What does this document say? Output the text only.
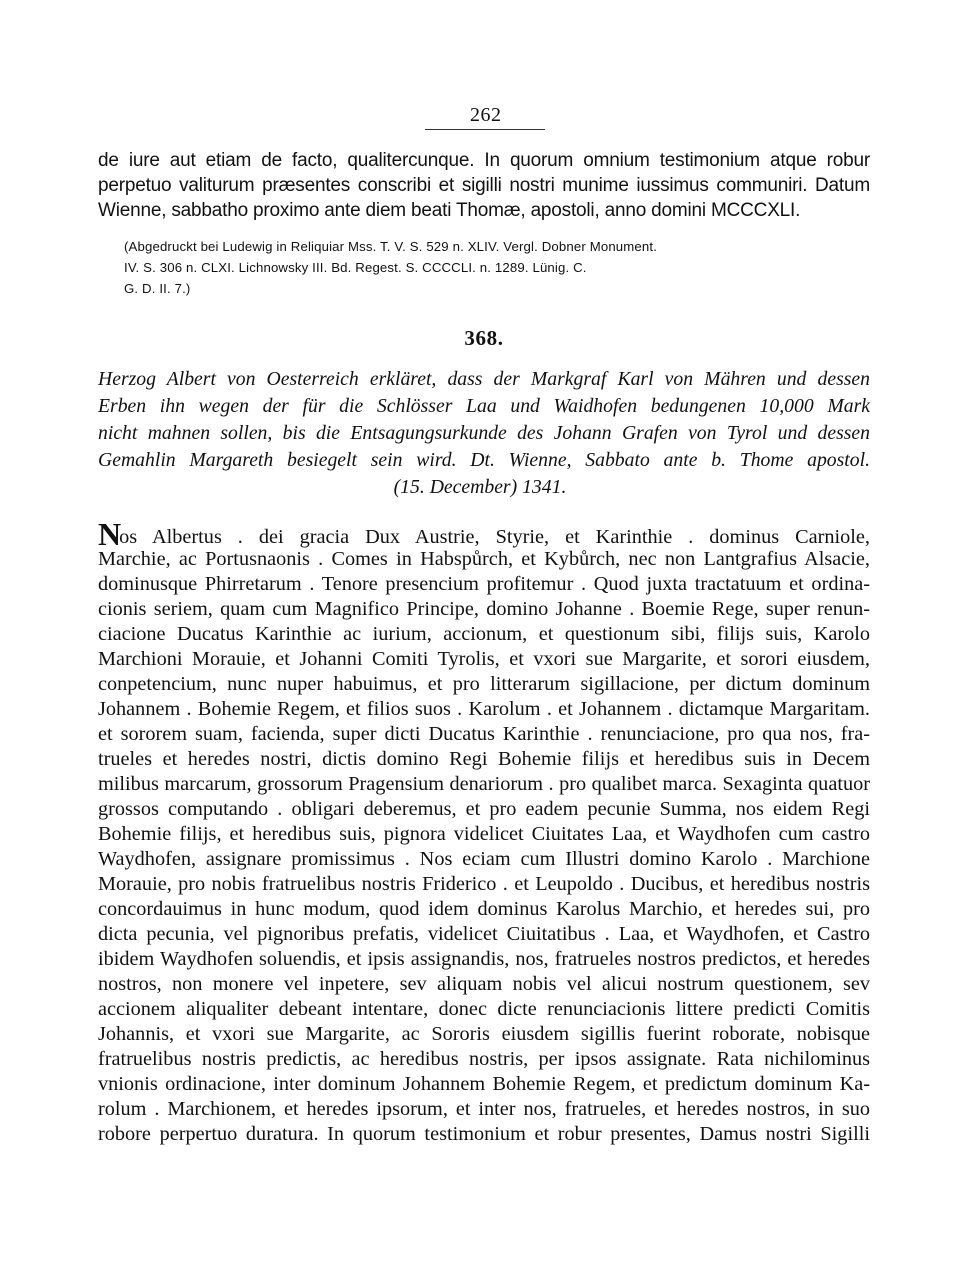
262
de iure aut etiam de facto, qualitercunque. In quorum omnium testimonium atque robur
perpetuo valiturum præsentes conscribi et sigilli nostri munime iussimus communiri. Datum
Wienne, sabbatho proximo ante diem beati Thomæ, apostoli, anno domini MCCCXLI.
(Abgedruckt bei Ludewig in Reliquiar Mss. T. V. S. 529 n. XLIV. Vergl. Dobner Monument.
IV. S. 306 n. CLXI. Lichnowsky III. Bd. Regest. S. CCCCLI. n. 1289. Lünig. C.
G. D. II. 7.)
368.
Herzog Albert von Oesterreich erkläret, dass der Markgraf Karl von Mähren und dessen
Erben ihn wegen der für die Schlösser Laa und Waidhofen bedungenen 10,000 Mark
nicht mahnen sollen, bis die Entsagungsurkunde des Johann Grafen von Tyrol und dessen
Gemahlin Margareth besiegelt sein wird. Dt. Wienne, Sabbato ante b. Thome apostol.
(15. December) 1341.
Nos Albertus . dei gracia Dux Austrie, Styrie, et Karinthie . dominus Carniole,
Marchie, ac Portusnaonis . Comes in Habspůrch, et Kybůrch, nec non Lantgrafius Alsacie,
dominusque Phirretarum . Tenore presencium profitemur . Quod juxta tractatuum et ordina-
cionis seriem, quam cum Magnifico Principe, domino Johanne . Boemie Rege, super renun-
ciacione Ducatus Karinthie ac iurium, accionum, et questionum sibi, filijs suis, Karolo
Marchioni Morauie, et Johanni Comiti Tyrolis, et vxori sue Margarite, et sorori eiusdem,
conpetencium, nunc nuper habuimus, et pro litterarum sigillacione, per dictum dominum
Johannem . Bohemie Regem, et filios suos . Karolum . et Johannem . dictamque Margaritam.
et sororem suam, facienda, super dicti Ducatus Karinthie . renunciacione, pro qua nos, fra-
trueles et heredes nostri, dictis domino Regi Bohemie filijs et heredibus suis in Decem
milibus marcarum, grossorum Pragensium denariorum . pro qualibet marca. Sexaginta quatuor
grossos computando . obligari deberemus, et pro eadem pecunie Summa, nos eidem Regi
Bohemie filijs, et heredibus suis, pignora videlicet Ciuitates Laa, et Waydhofen cum castro
Waydhofen, assignare promissimus . Nos eciam cum Illustri domino Karolo . Marchione
Morauie, pro nobis fratruelibus nostris Friderico . et Leupoldo . Ducibus, et heredibus nostris
concordauimus in hunc modum, quod idem dominus Karolus Marchio, et heredes sui, pro
dicta pecunia, vel pignoribus prefatis, videlicet Ciuitatibus . Laa, et Waydhofen, et Castro
ibidem Waydhofen soluendis, et ipsis assignandis, nos, fratrueles nostros predictos, et heredes
nostros, non monere vel inpetere, sev aliquam nobis vel alicui nostrum questionem, sev
accionem aliqualiter debeant intentare, donec dicte renunciacionis littere predicti Comitis
Johannis, et vxori sue Margarite, ac Sororis eiusdem sigillis fuerint roborate, nobisque
fratruelibus nostris predictis, ac heredibus nostris, per ipsos assignate. Rata nichilominus
vnionis ordinacione, inter dominum Johannem Bohemie Regem, et predictum dominum Ka-
rolum . Marchionem, et heredes ipsorum, et inter nos, fratrueles, et heredes nostros, in suo
robore perpertuo duratura. In quorum testimonium et robur presentes, Damus nostri Sigilli
